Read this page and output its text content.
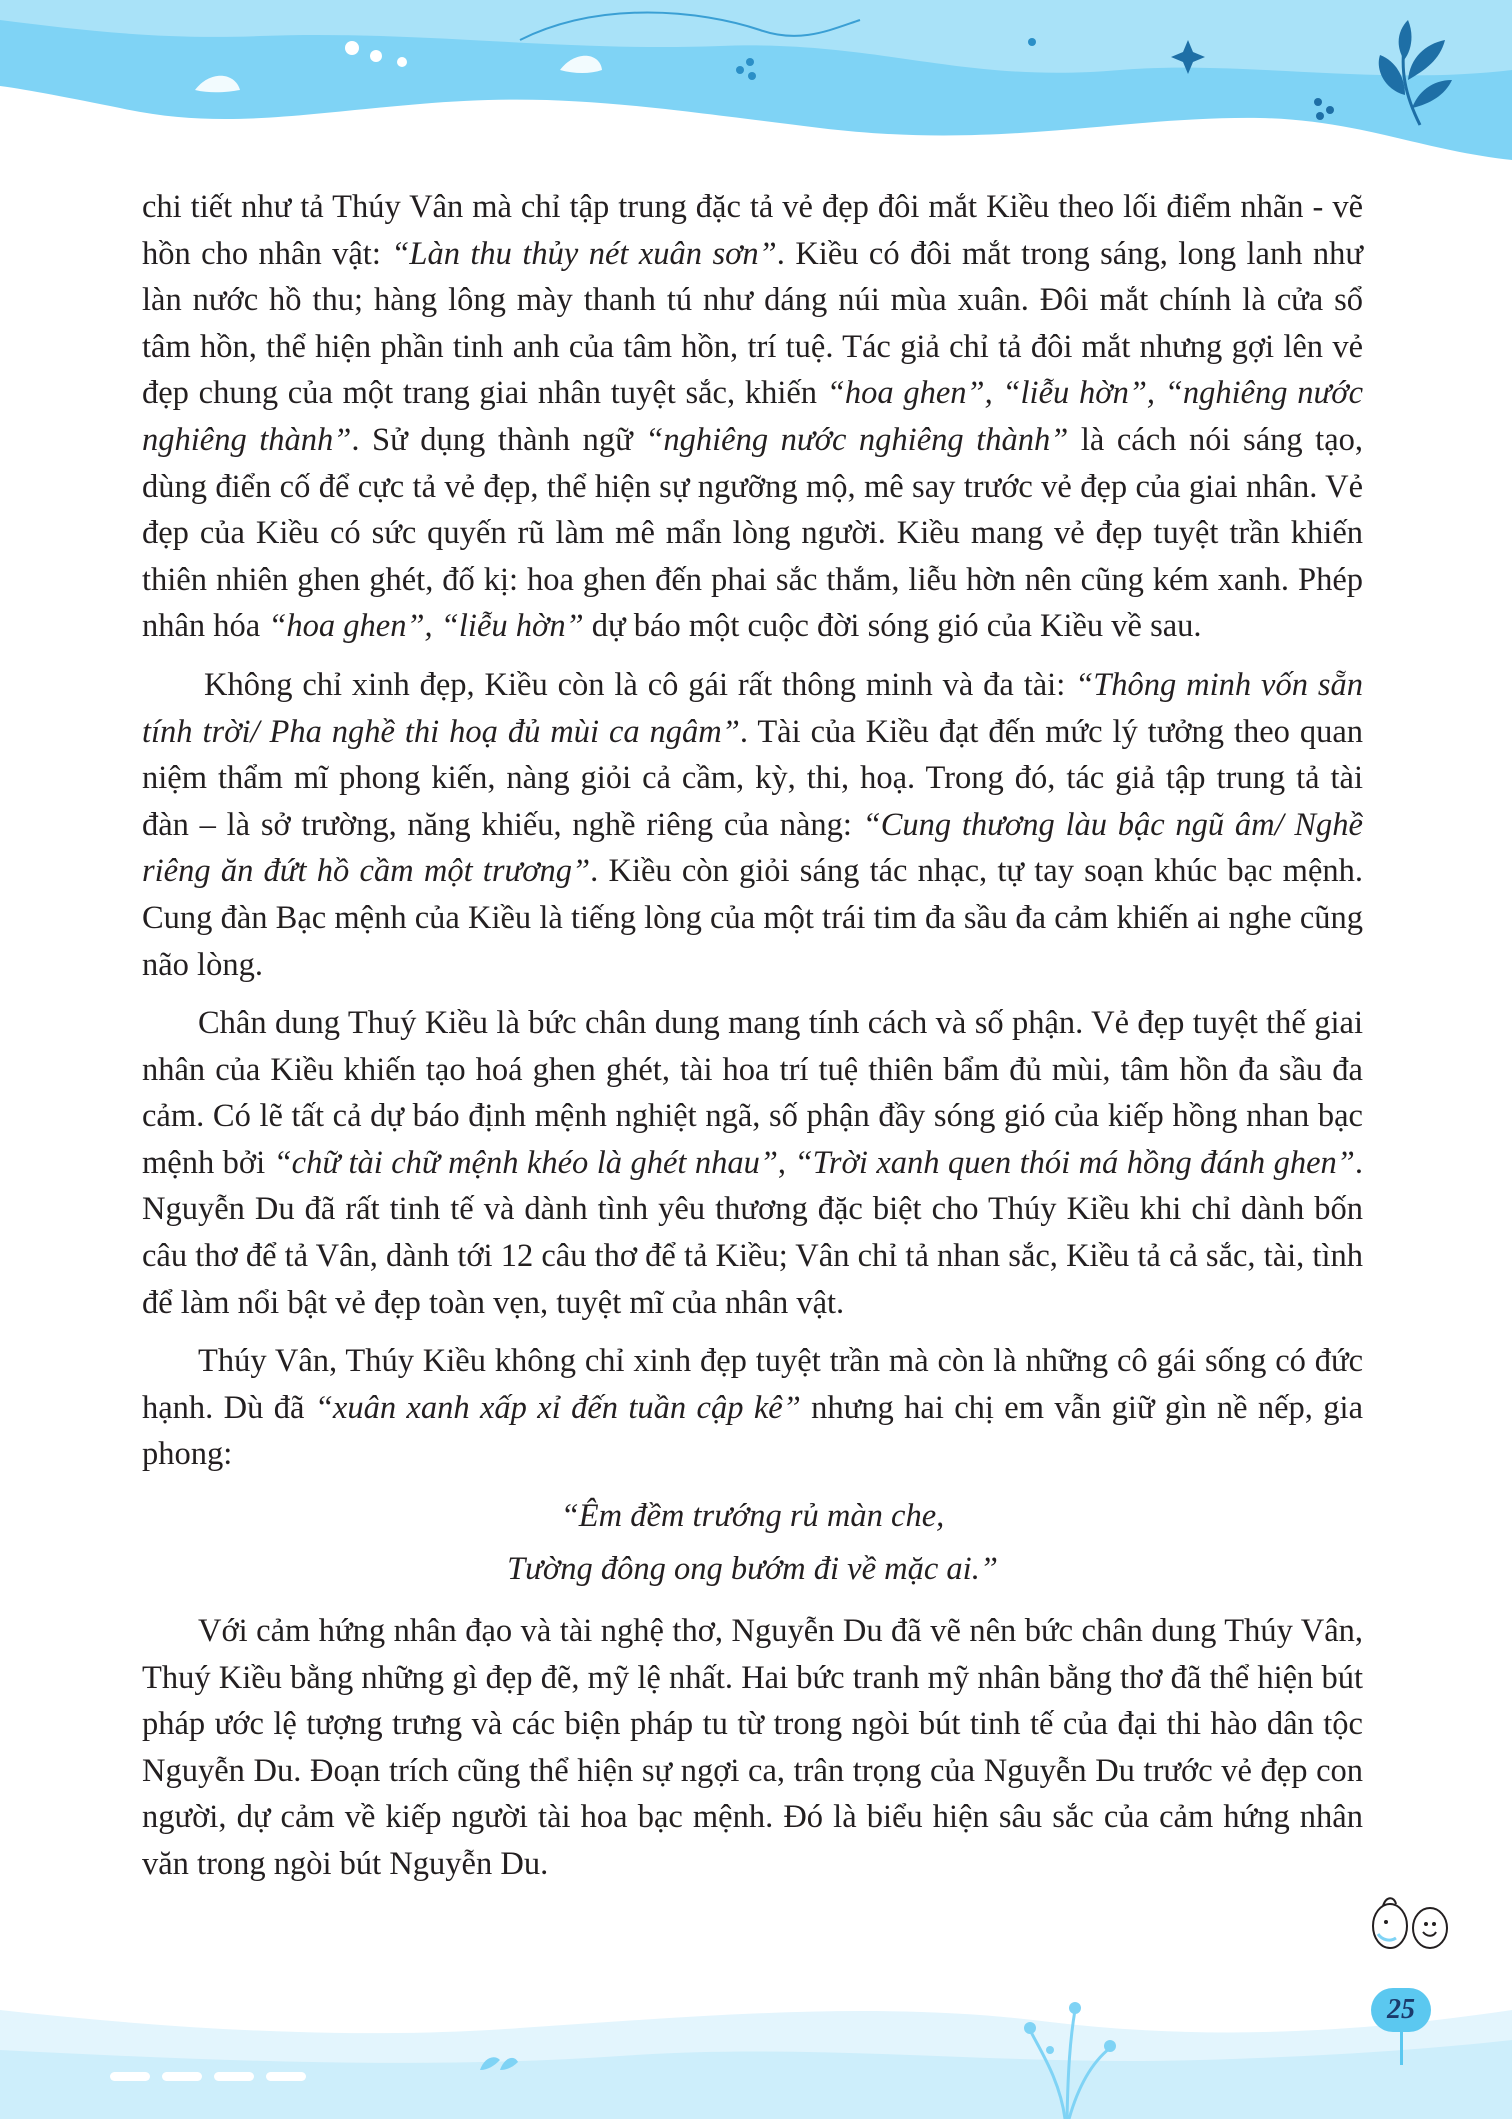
chi tiết như tả Thúy Vân mà chỉ tập trung đặc tả vẻ đẹp đôi mắt Kiều theo lối điểm nhãn - vẽ hồn cho nhân vật: “Làn thu thủy nét xuân sơn”. Kiều có đôi mắt trong sáng, long lanh như làn nước hồ thu; hàng lông mày thanh tú như dáng núi mùa xuân. Đôi mắt chính là cửa sổ tâm hồn, thể hiện phần tinh anh của tâm hồn, trí tuệ. Tác giả chỉ tả đôi mắt nhưng gợi lên vẻ đẹp chung của một trang giai nhân tuyệt sắc, khiến “hoa ghen”, “liễu hờn”, “nghiêng nước nghiêng thành”. Sử dụng thành ngữ “nghiêng nước nghiêng thành” là cách nói sáng tạo, dùng điển cố để cực tả vẻ đẹp, thể hiện sự ngưỡng mộ, mê say trước vẻ đẹp của giai nhân. Vẻ đẹp của Kiều có sức quyến rũ làm mê mẩn lòng người. Kiều mang vẻ đẹp tuyệt trần khiến thiên nhiên ghen ghét, đố kị: hoa ghen đến phai sắc thắm, liễu hờn nên cũng kém xanh. Phép nhân hóa “hoa ghen”, “liễu hờn” dự báo một cuộc đời sóng gió của Kiều về sau.

Không chỉ xinh đẹp, Kiều còn là cô gái rất thông minh và đa tài: “Thông minh vốn sẵn tính trời/ Pha nghề thi hoạ đủ mùi ca ngâm”. Tài của Kiều đạt đến mức lý tưởng theo quan niệm thẩm mĩ phong kiến, nàng giỏi cả cầm, kỳ, thi, hoạ. Trong đó, tác giả tập trung tả tài đàn – là sở trường, năng khiếu, nghề riêng của nàng: “Cung thương làu bậc ngũ âm/ Nghề riêng ăn đứt hồ cầm một trương”. Kiều còn giỏi sáng tác nhạc, tự tay soạn khúc bạc mệnh. Cung đàn Bạc mệnh của Kiều là tiếng lòng của một trái tim đa sầu đa cảm khiến ai nghe cũng não lòng.

Chân dung Thuý Kiều là bức chân dung mang tính cách và số phận. Vẻ đẹp tuyệt thế giai nhân của Kiều khiến tạo hoá ghen ghét, tài hoa trí tuệ thiên bẩm đủ mùi, tâm hồn đa sầu đa cảm. Có lẽ tất cả dự báo định mệnh nghiệt ngã, số phận đầy sóng gió của kiếp hồng nhan bạc mệnh bởi “chữ tài chữ mệnh khéo là ghét nhau”, “Trời xanh quen thói má hồng đánh ghen”. Nguyễn Du đã rất tinh tế và dành tình yêu thương đặc biệt cho Thúy Kiều khi chỉ dành bốn câu thơ để tả Vân, dành tới 12 câu thơ để tả Kiều; Vân chỉ tả nhan sắc, Kiều tả cả sắc, tài, tình để làm nổi bật vẻ đẹp toàn vẹn, tuyệt mĩ của nhân vật.

Thúy Vân, Thúy Kiều không chỉ xinh đẹp tuyệt trần mà còn là những cô gái sống có đức hạnh. Dù đã “xuân xanh xấp xỉ đến tuần cập kê” nhưng hai chị em vẫn giữ gìn nề nếp, gia phong:

“Êm đềm trướng rủ màn che,
Tường đông ong bướm đi về mặc ai.”

Với cảm hứng nhân đạo và tài nghệ thơ, Nguyễn Du đã vẽ nên bức chân dung Thúy Vân, Thuý Kiều bằng những gì đẹp đẽ, mỹ lệ nhất. Hai bức tranh mỹ nhân bằng thơ đã thể hiện bút pháp ước lệ tượng trưng và các biện pháp tu từ trong ngòi bút tinh tế của đại thi hào dân tộc Nguyễn Du. Đoạn trích cũng thể hiện sự ngợi ca, trân trọng của Nguyễn Du trước vẻ đẹp con người, dự cảm về kiếp người tài hoa bạc mệnh. Đó là biểu hiện sâu sắc của cảm hứng nhân văn trong ngòi bút Nguyễn Du.

25
